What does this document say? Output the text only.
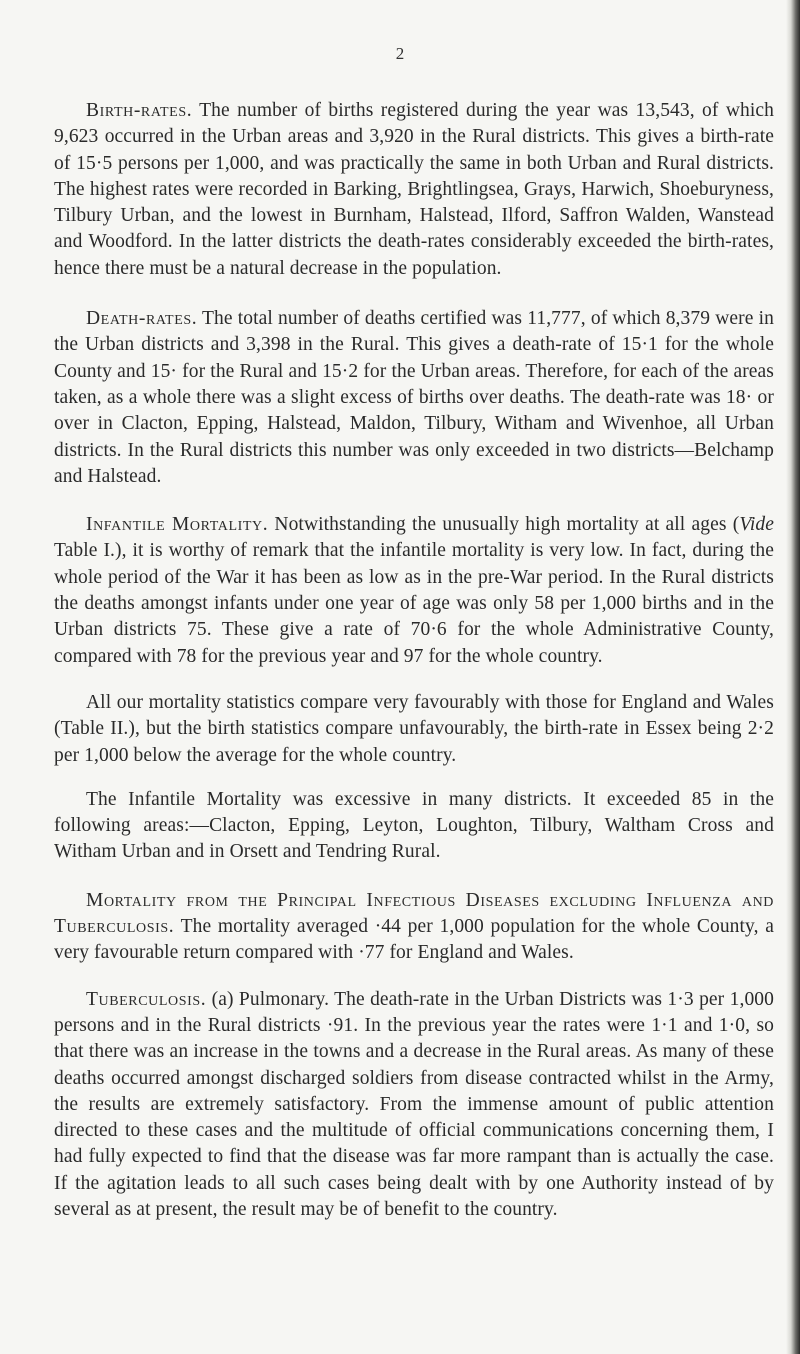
2

Birth-rates. The number of births registered during the year was 13,543, of which 9,623 occurred in the Urban areas and 3,920 in the Rural districts. This gives a birth-rate of 15·5 persons per 1,000, and was practically the same in both Urban and Rural districts. The highest rates were recorded in Barking, Brightlingsea, Grays, Harwich, Shoeburyness, Tilbury Urban, and the lowest in Burnham, Halstead, Ilford, Saffron Walden, Wanstead and Woodford. In the latter districts the death-rates considerably exceeded the birth-rates, hence there must be a natural decrease in the population.

Death-rates. The total number of deaths certified was 11,777, of which 8,379 were in the Urban districts and 3,398 in the Rural. This gives a death-rate of 15·1 for the whole County and 15· for the Rural and 15·2 for the Urban areas. Therefore, for each of the areas taken, as a whole there was a slight excess of births over deaths. The death-rate was 18· or over in Clacton, Epping, Halstead, Maldon, Tilbury, Witham and Wivenhoe, all Urban districts. In the Rural districts this number was only exceeded in two districts—Belchamp and Halstead.

Infantile Mortality. Notwithstanding the unusually high mortality at all ages (Vide Table I.), it is worthy of remark that the infantile mortality is very low. In fact, during the whole period of the War it has been as low as in the pre-War period. In the Rural districts the deaths amongst infants under one year of age was only 58 per 1,000 births and in the Urban districts 75. These give a rate of 70·6 for the whole Administrative County, compared with 78 for the previous year and 97 for the whole country.

All our mortality statistics compare very favourably with those for England and Wales (Table II.), but the birth statistics compare unfavourably, the birth-rate in Essex being 2·2 per 1,000 below the average for the whole country.

The Infantile Mortality was excessive in many districts. It exceeded 85 in the following areas:—Clacton, Epping, Leyton, Loughton, Tilbury, Waltham Cross and Witham Urban and in Orsett and Tendring Rural.

Mortality from the Principal Infectious Diseases excluding Influenza and Tuberculosis. The mortality averaged ·44 per 1,000 population for the whole County, a very favourable return compared with ·77 for England and Wales.

Tuberculosis. (a) Pulmonary. The death-rate in the Urban Districts was 1·3 per 1,000 persons and in the Rural districts ·91. In the previous year the rates were 1·1 and 1·0, so that there was an increase in the towns and a decrease in the Rural areas. As many of these deaths occurred amongst discharged soldiers from disease contracted whilst in the Army, the results are extremely satisfactory. From the immense amount of public attention directed to these cases and the multitude of official communications concerning them, I had fully expected to find that the disease was far more rampant than is actually the case. If the agitation leads to all such cases being dealt with by one Authority instead of by several as at present, the result may be of benefit to the country.
